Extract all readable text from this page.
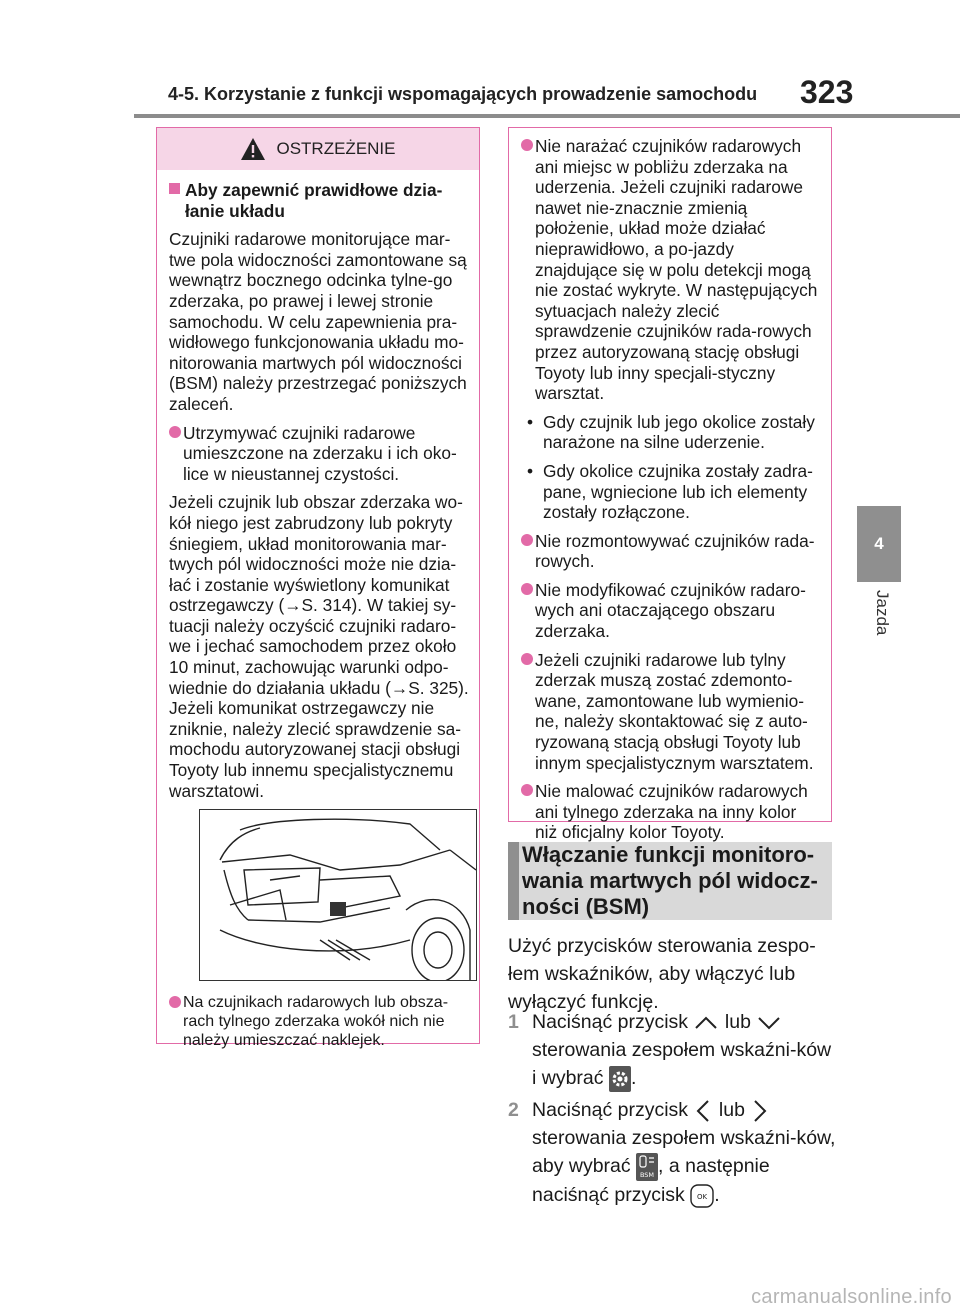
4-5. Korzystanie z funkcji wspomagających prowadzenie samochodu 323
4
Jazda
OSTRZEŻENIE

Aby zapewnić prawidłowe dzia-łanie układu

Czujniki radarowe monitorujące mar-twe pola widoczności zamontowane są wewnątrz bocznego odcinka tylne-go zderzaka, po prawej i lewej stronie samochodu. W celu zapewnienia pra-widłowego funkcjonowania układu mo-nitorowania martwych pól widoczności (BSM) należy przestrzegać poniższych zaleceń.

Utrzymywać czujniki radarowe umieszczone na zderzaku i ich oko-lice w nieustannej czystości.

Jeżeli czujnik lub obszar zderzaka wo-kół niego jest zabrudzony lub pokryty śniegiem, układ monitorowania mar-twych pól widoczności może nie dzia-łać i zostanie wyświetlony komunikat ostrzegawczy (→S. 314). W takiej sy-tuacji należy oczyścić czujniki radaro-we i jechać samochodem przez około 10 minut, zachowując warunki odpo-wiednie do działania układu (→S. 325). Jeżeli komunikat ostrzegawczy nie zniknie, należy zlecić sprawdzenie sa-mochodu autoryzowanej stacji obsługi Toyoty lub innemu specjalistycznemu warsztatowi.

Na czujnikach radarowych lub obsza-rach tylnego zderzaka wokół nich nie należy umieszczać naklejek.
Nie narażać czujników radarowych ani miejsc w pobliżu zderzaka na uderzenia. Jeżeli czujniki radarowe nawet nie-znacznie zmienią położenie, układ może działać nieprawidłowo, a po-jazdy znajdujące się w polu detekcji mogą nie zostać wykryte. W następujących sytuacjach należy zlecić sprawdzenie czujników rada-rowych przez autoryzowaną stację obsługi Toyoty lub inny specjali-styczny warsztat.
• Gdy czujnik lub jego okolice zostały narażone na silne uderzenie.
• Gdy okolice czujnika zostały zadra-pane, wgniecione lub ich elementy zostały rozłączone.
Nie rozmontowywać czujników rada-rowych.
Nie modyfikować czujników radaro-wych ani otaczającego obszaru zderzaka.
Jeżeli czujniki radarowe lub tylny zderzak muszą zostać zdemonto-wane, zamontowane lub wymienio-ne, należy skontaktować się z auto-ryzowaną stacją obsługi Toyoty lub innym specjalistycznym warsztatem.
Nie malować czujników radarowych ani tylnego zderzaka na inny kolor niż oficjalny kolor Toyoty.
Włączanie funkcji monitoro-wania martwych pól widocz-ności (BSM)
Użyć przycisków sterowania zespo-łem wskaźników, aby włączyć lub wyłączyć funkcję.
1 Naciśnąć przycisk lub  sterowania zespołem wskaźni-ków i wybrać .
2 Naciśnąć przycisk lub  sterowania zespołem wskaźni-ków, aby wybrać BSM , a następnie naciśnąć przycisk OK .
carmanualsonline.info
